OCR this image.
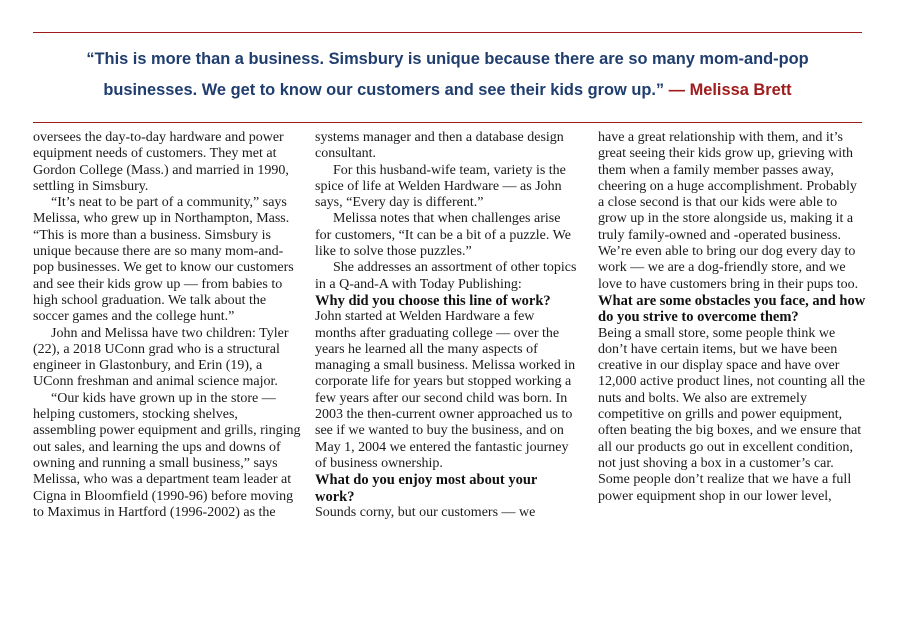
“This is more than a business. Simsbury is unique because there are so many mom-and-pop
businesses. We get to know our customers and see their kids grow up.” — Melissa Brett

oversees the day-to-day hardware and power equipment needs of customers. They met at Gordon College (Mass.) and married in 1990, settling in Simsbury.

“It’s neat to be part of a community,” says Melissa, who grew up in Northampton, Mass. “This is more than a business. Simsbury is unique because there are so many mom-and-pop businesses. We get to know our customers and see their kids grow up — from babies to high school graduation. We talk about the soccer games and the college hunt.”

John and Melissa have two children: Tyler (22), a 2018 UConn grad who is a structural engineer in Glastonbury, and Erin (19), a UConn freshman and animal science major.

“Our kids have grown up in the store — helping customers, stocking shelves, assembling power equipment and grills, ringing out sales, and learning the ups and downs of owning and running a small business,” says Melissa, who was a department team leader at Cigna in Bloomfield (1990-96) before moving to Maximus in Hartford (1996-2002) as the

systems manager and then a database design consultant.

For this husband-wife team, variety is the spice of life at Welden Hardware — as John says, “Every day is different.”

Melissa notes that when challenges arise for customers, “It can be a bit of a puzzle. We like to solve those puzzles.”

She addresses an assortment of other topics in a Q-and-A with Today Publishing:

Why did you choose this line of work?

John started at Welden Hardware a few months after graduating college — over the years he learned all the many aspects of managing a small business. Melissa worked in corporate life for years but stopped working a few years after our second child was born. In 2003 the then-current owner approached us to see if we wanted to buy the business, and on May 1, 2004 we entered the fantastic journey of business ownership.

What do you enjoy most about your work?

Sounds corny, but our customers — we

have a great relationship with them, and it’s great seeing their kids grow up, grieving with them when a family member passes away, cheering on a huge accomplishment. Probably a close second is that our kids were able to grow up in the store alongside us, making it a truly family-owned and -operated business. We’re even able to bring our dog every day to work — we are a dog-friendly store, and we love to have customers bring in their pups too.

What are some obstacles you face, and how do you strive to overcome them?

Being a small store, some people think we don’t have certain items, but we have been creative in our display space and have over 12,000 active product lines, not counting all the nuts and bolts. We also are extremely competitive on grills and power equipment, often beating the big boxes, and we ensure that all our products go out in excellent condition, not just shoving a box in a customer’s car. Some people don’t realize that we have a full power equipment shop in our lower level,
